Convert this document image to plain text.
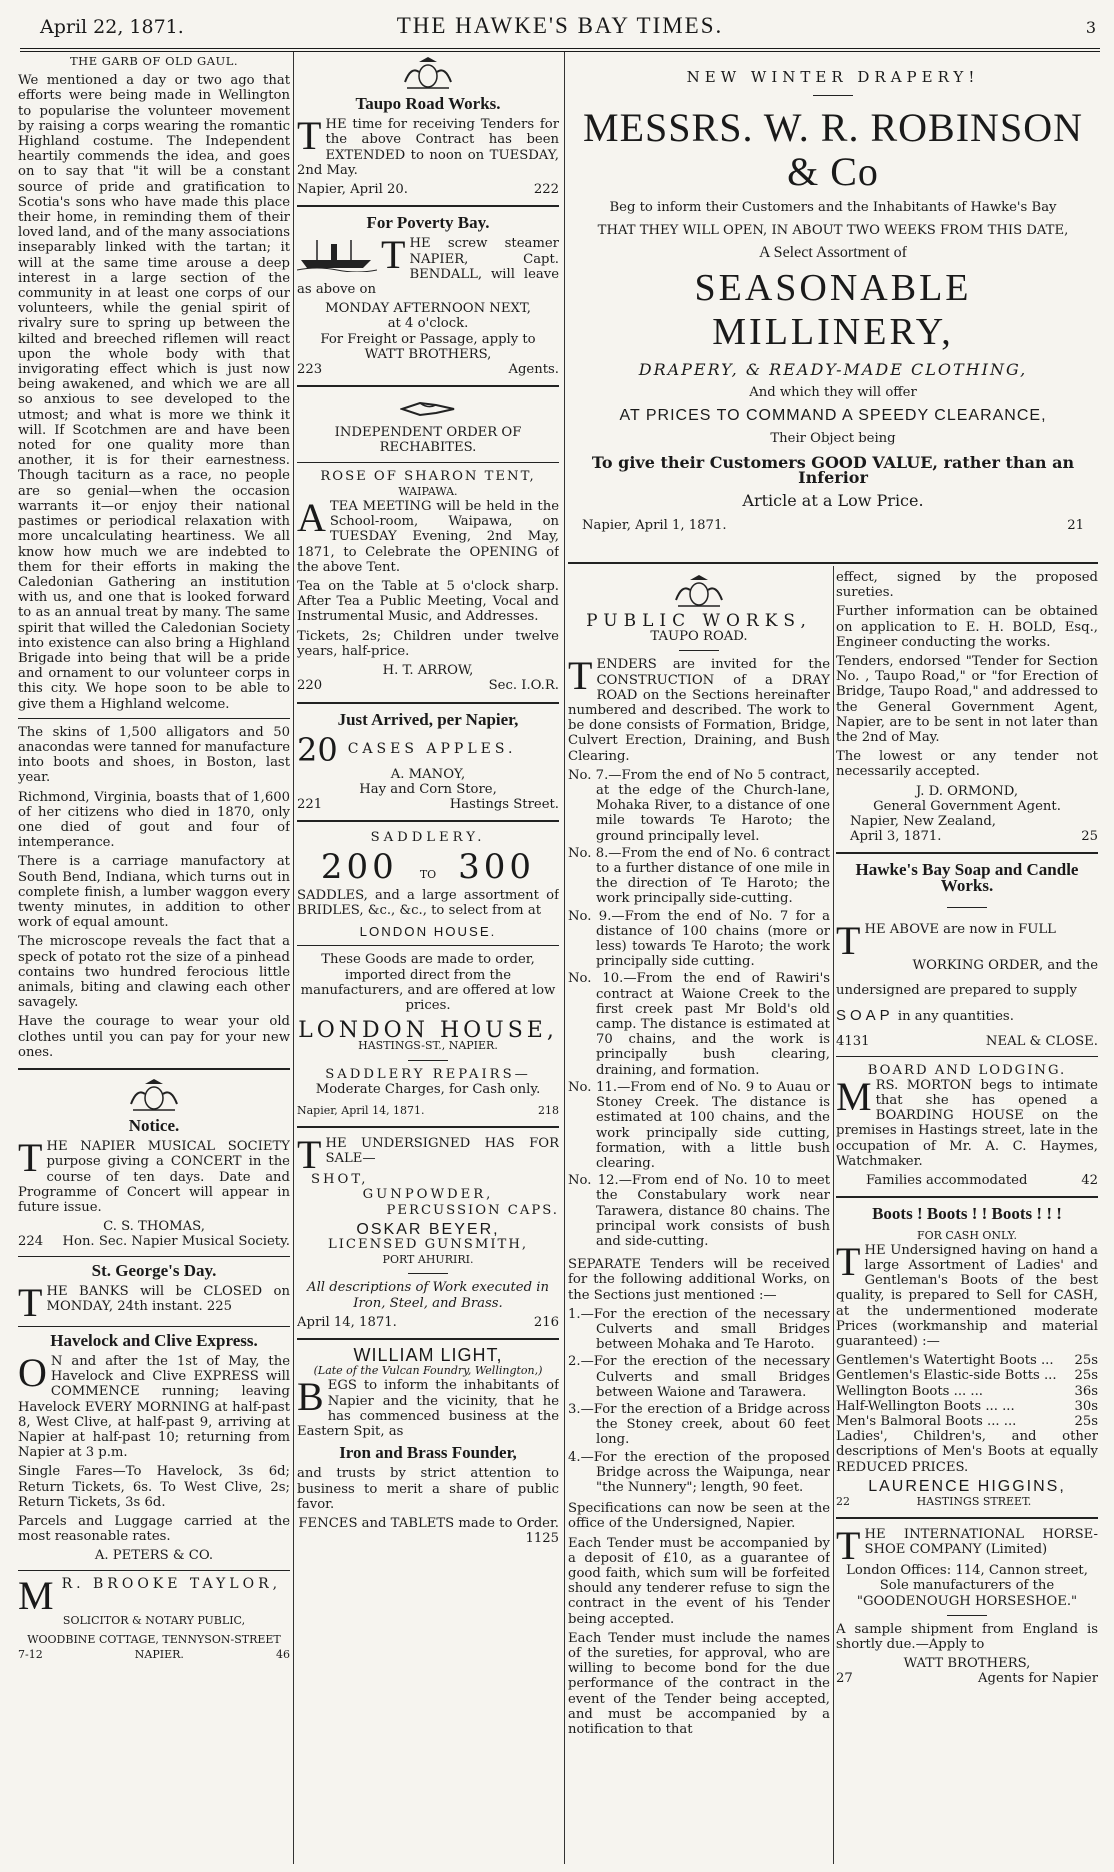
April 22, 1871.	THE HAWKE'S BAY TIMES.	3
THE GARB OF OLD GAUL.

We mentioned a day or two ago that efforts were being made in Wellington to popularise the volunteer movement by raising a corps wearing the romantic Highland costume. The Independent heartily commends the idea, and goes on to say that "it will be a constant source of pride and gratification to Scotia's sons who have made this place their home, in reminding them of their loved land, and of the many associations inseparably linked with the tartan; it will at the same time arouse a deep interest in a large section of the community in at least one corps of our volunteers, while the genial spirit of rivalry sure to spring up between the kilted and breeched riflemen will react upon the whole body with that invigorating effect which is just now being awakened, and which we are all so anxious to see developed to the utmost; and what is more we think it will. If Scotchmen are and have been noted for one quality more than another, it is for their earnestness. Though taciturn as a race, no people are so genial—when the occasion warrants it—or enjoy their national pastimes or periodical relaxation with more uncalculating heartiness. We all know how much we are indebted to them for their efforts in making the Caledonian Gathering an institution with us, and one that is looked forward to as an annual treat by many. The same spirit that willed the Caledonian Society into existence can also bring a Highland Brigade into being that will be a pride and ornament to our volunteer corps in this city. We hope soon to be able to give them a Highland welcome.

The skins of 1,500 alligators and 50 anacondas were tanned for manufacture into boots and shoes, in Boston, last year.

Richmond, Virginia, boasts that of 1,600 of her citizens who died in 1870, only one died of gout and four of intemperance.

There is a carriage manufactory at South Bend, Indiana, which turns out in complete finish, a lumber waggon every twenty minutes, in addition to other work of equal amount.

The microscope reveals the fact that a speck of potato rot the size of a pinhead contains two hundred ferocious little animals, biting and clawing each other savagely.

Have the courage to wear your old clothes until you can pay for your new ones.

Notice.

THE NAPIER MUSICAL SOCIETY purpose giving a CONCERT in the course of ten days. Date and Programme of Concert will appear in future issue.

C. S. THOMAS,
224 Hon. Sec. Napier Musical Society.
St. George's Day.

THE BANKS will be CLOSED on MONDAY, 24th instant. 225

Havelock and Clive Express.

O N and after the 1st of May, the Havelock and Clive EXPRESS will COMMENCE running; leaving Havelock EVERY MORNING at half-past 8, West Clive, at half-past 9, arriving at Napier at half-past 10; returning from Napier at 3 p.m.

Single Fares—To Havelock, 3s 6d; Return Tickets, 6s. To West Clive, 2s; Return Tickets, 3s 6d.

Parcels and Luggage carried at the most reasonable rates.

A. PETERS & CO.

M R. BROOKE TAYLOR,

SOLICITOR & NOTARY PUBLIC,
WOODBINE COTTAGE, TENNYSON-STREET
7-12	NAPIER.	46
Taupo Road Works.

THE time for receiving Tenders for the above Contract has been EXTENDED to noon on TUESDAY, 2nd May.

Napier, April 20.	222
For Poverty Bay.

THE screw steamer NAPIER, Capt. BENDALL, will leave as above on

MONDAY AFTERNOON NEXT,
at 4 o'clock.
For Freight or Passage, apply to
WATT BROTHERS,
223	Agents.
INDEPENDENT ORDER OF RECHABITES.
ROSE OF SHARON TENT,
WAIPAWA.

ATEA MEETING will be held in the School-room, Waipawa, on TUESDAY Evening, 2nd May, 1871, to Celebrate the OPENING of the above Tent.

Tea on the Table at 5 o'clock sharp. After Tea a Public Meeting, Vocal and Instrumental Music, and Addresses.

Tickets, 2s; Children under twelve years, half-price.

H. T. ARROW,
220	Sec. I.O.R.
Just Arrived, per Napier,
20 CASES APPLES.
A. MANOY,
Hay and Corn Store,
221	Hastings Street.
SADDLERY.
200 TO 300

SADDLES, and a large assortment of BRIDLES, &c., &c., to select from at

LONDON HOUSE.

These Goods are made to order, imported direct from the manufacturers, and are offered at low prices.

LONDON HOUSE,
HASTINGS-ST., NAPIER.
SADDLERY REPAIRS—
Moderate Charges, for Cash only.
Napier, April 14, 1871.	218

THE UNDERSIGNED HAS FOR SALE—

SHOT,
GUNPOWDER,
PERCUSSION CAPS.
OSKAR BEYER,
LICENSED GUNSMITH,
PORT AHURIRI.

All descriptions of Work executed in Iron, Steel, and Brass.

April 14, 1871.	216
WILLIAM LIGHT,
(Late of the Vulcan Foundry, Wellington,)

BEGS to inform the inhabitants of Napier and the vicinity, that he has commenced business at the Eastern Spit, as

Iron and Brass Founder,

and trusts by strict attention to business to merit a share of public favor.

FENCES and TABLETS made to Order.
1125
NEW WINTER DRAPERY!
MESSRS. W. R. ROBINSON & Co

Beg to inform their Customers and the Inhabitants of Hawke's Bay

THAT THEY WILL OPEN, IN ABOUT TWO WEEKS FROM THIS DATE,

A Select Assortment of

SEASONABLE MILLINERY,

DRAPERY, & READY-MADE CLOTHING,

And which they will offer

AT PRICES TO COMMAND A SPEEDY CLEARANCE,

Their Object being

To give their Customers GOOD VALUE, rather than an Inferior

Article at a Low Price.

Napier, April 1, 1871.	21
PUBLIC WORKS,
TAUPO ROAD.

TENDERS are invited for the CONSTRUCTION of a DRAY ROAD on the Sections hereinafter numbered and described. The work to be done consists of Formation, Bridge, Culvert Erection, Draining, and Bush Clearing.

No. 7.—From the end of No 5 contract, at the edge of the Church-lane, Mohaka River, to a distance of one mile towards Te Haroto; the ground principally level.
No. 8.—From the end of No. 6 contract to a further distance of one mile in the direction of Te Haroto; the work principally side-cutting.
No. 9.—From the end of No. 7 for a distance of 100 chains (more or less) towards Te Haroto; the work principally side cutting.
No. 10.—From the end of Rawiri's contract at Waione Creek to the first creek past Mr Bold's old camp. The distance is estimated at 70 chains, and the work is principally bush clearing, draining, and formation.
No. 11.—From end of No. 9 to Auau or Stoney Creek. The distance is estimated at 100 chains, and the work principally side cutting, formation, with a little bush clearing.
No. 12.—From end of No. 10 to meet the Constabulary work near Tarawera, distance 80 chains. The principal work consists of bush and side-cutting.

SEPARATE Tenders will be received for the following additional Works, on the Sections just mentioned :—

1.—For the erection of the necessary Culverts and small Bridges between Mohaka and Te Haroto.
2.—For the erection of the necessary Culverts and small Bridges between Waione and Tarawera.
3.—For the erection of a Bridge across the Stoney creek, about 60 feet long.
4.—For the erection of the proposed Bridge across the Waipunga, near "the Nunnery"; length, 90 feet.

Specifications can now be seen at the office of the Undersigned, Napier.

Each Tender must be accompanied by a deposit of £10, as a guarantee of good faith, which sum will be forfeited should any tenderer refuse to sign the contract in the event of his Tender being accepted.

Each Tender must include the names of the sureties, for approval, who are willing to become bond for the due performance of the contract in the event of the Tender being accepted, and must be accompanied by a notification to that

effect, signed by the proposed sureties.

Further information can be obtained on application to E. H. BOLD, Esq., Engineer conducting the works.

Tenders, endorsed "Tender for Section No. , Taupo Road," or "for Erection of Bridge, Taupo Road," and addressed to the General Government Agent, Napier, are to be sent in not later than the 2nd of May.

The lowest or any tender not necessarily accepted.

J. D. ORMOND,
General Government Agent.
Napier, New Zealand,
April 3, 1871.	25
Hawke's Bay Soap and Candle Works.

THE ABOVE are now in FULL

WORKING ORDER, and the
undersigned are prepared to supply
SOAP in any quantities.
4131	NEAL & CLOSE.
BOARD AND LODGING.

MRS. MORTON begs to intimate that she has opened a BOARDING HOUSE on the premises in Hastings street, late in the occupation of Mr. A. C. Haymes, Watchmaker.

Families accommodated	42
Boots ! Boots ! ! Boots ! ! !
FOR CASH ONLY.

THE Undersigned having on hand a large Assortment of Ladies' and Gentleman's Boots of the best quality, is prepared to Sell for CASH, at the undermentioned moderate Prices (workmanship and material guaranteed) :—

Gentlemen's Watertight Boots ... 25s
Gentlemen's Elastic-side Botts ... 25s
Wellington Boots ... ...	36s
Half-Wellington Boots ... ...	30s
Men's Balmoral Boots ... ...	25s

Ladies', Children's, and other descriptions of Men's Boots at equally REDUCED PRICES.

LAURENCE HIGGINS,
22	HASTINGS STREET.

THE INTERNATIONAL HORSE-SHOE COMPANY (Limited)

London Offices: 114, Cannon street,
Sole manufacturers of the
"GOODENOUGH HORSESHOE."

A sample shipment from England is shortly due.—Apply to

WATT BROTHERS,
27	Agents for Napier
